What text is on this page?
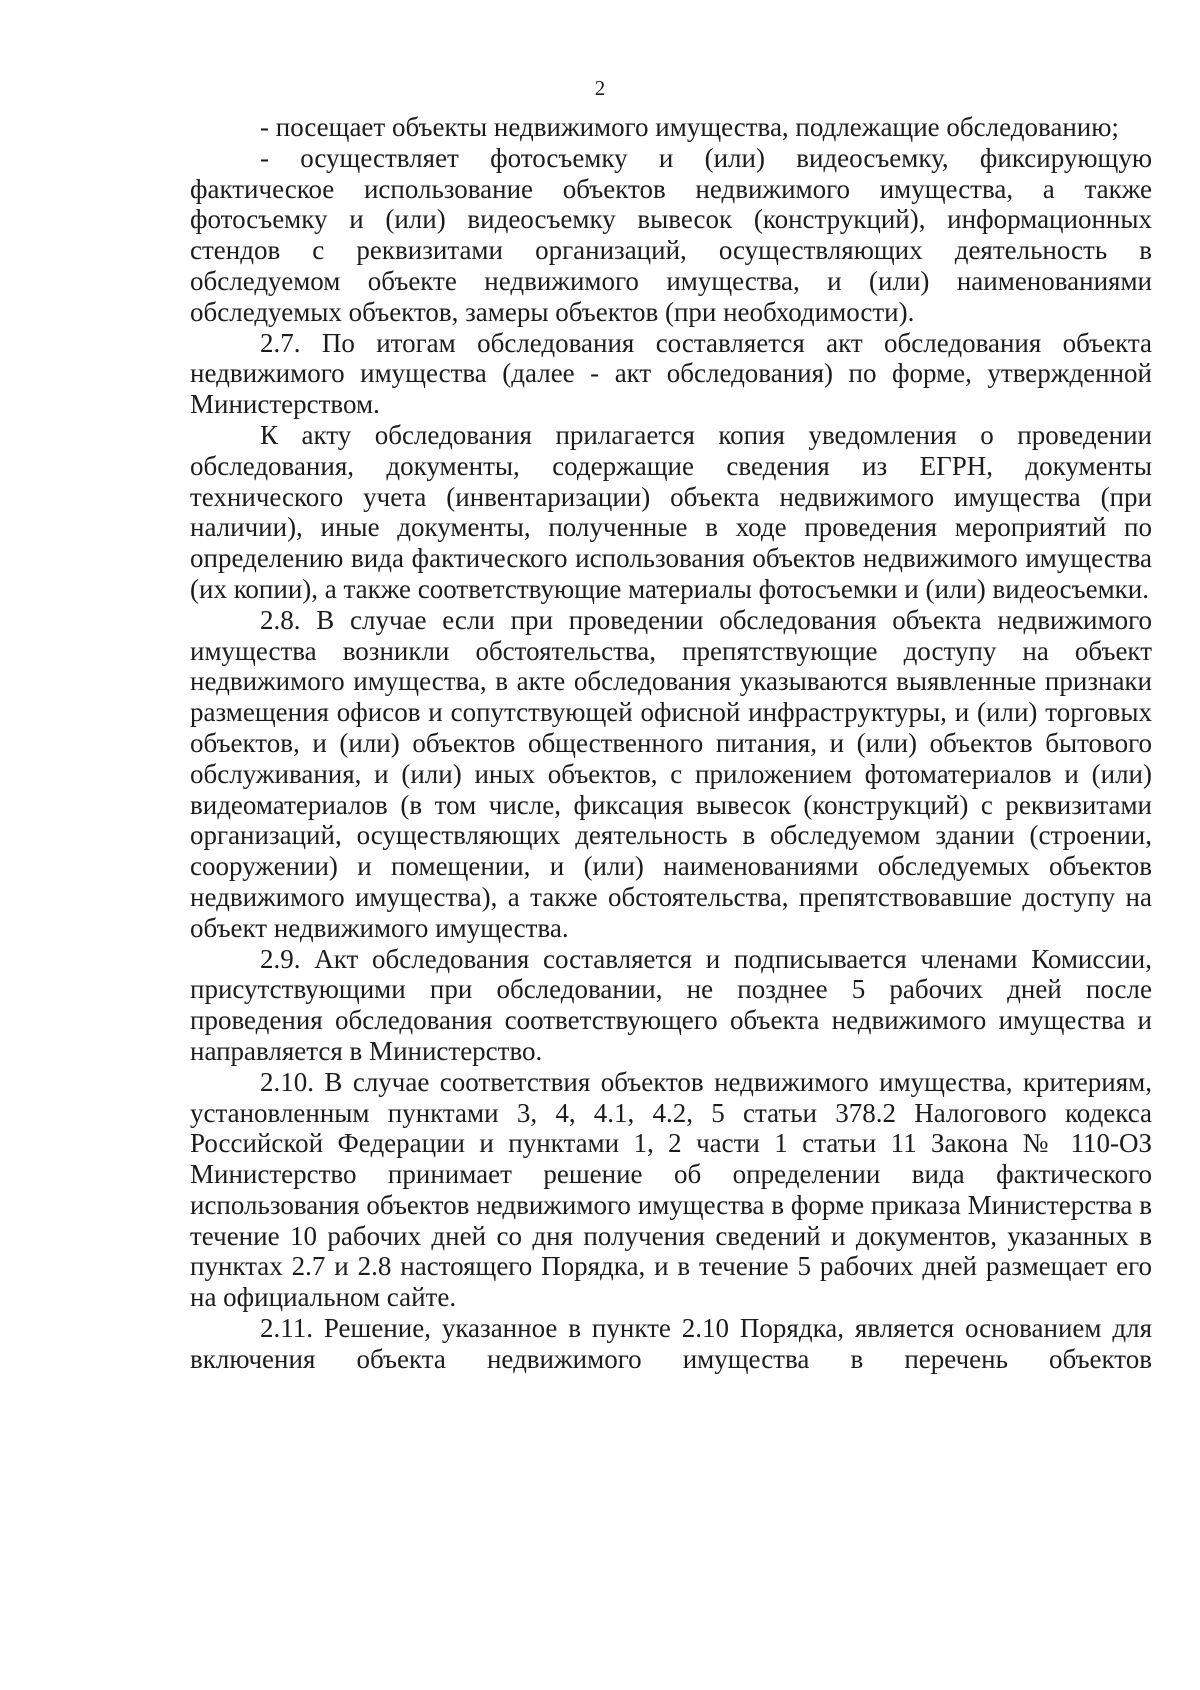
2

- посещает объекты недвижимого имущества, подлежащие обследованию;

- осуществляет фотосъемку и (или) видеосъемку, фиксирующую фактическое использование объектов недвижимого имущества, а также фотосъемку и (или) видеосъемку вывесок (конструкций), информационных стендов с реквизитами организаций, осуществляющих деятельность в обследуемом объекте недвижимого имущества, и (или) наименованиями обследуемых объектов, замеры объектов (при необходимости).

2.7. По итогам обследования составляется акт обследования объекта недвижимого имущества (далее - акт обследования) по форме, утвержденной Министерством.

К акту обследования прилагается копия уведомления о проведении обследования, документы, содержащие сведения из ЕГРН, документы технического учета (инвентаризации) объекта недвижимого имущества (при наличии), иные документы, полученные в ходе проведения мероприятий по определению вида фактического использования объектов недвижимого имущества (их копии), а также соответствующие материалы фотосъемки и (или) видеосъемки.

2.8. В случае если при проведении обследования объекта недвижимого имущества возникли обстоятельства, препятствующие доступу на объект недвижимого имущества, в акте обследования указываются выявленные признаки размещения офисов и сопутствующей офисной инфраструктуры, и (или) торговых объектов, и (или) объектов общественного питания, и (или) объектов бытового обслуживания, и (или) иных объектов, с приложением фотоматериалов и (или) видеоматериалов (в том числе, фиксация вывесок (конструкций) с реквизитами организаций, осуществляющих деятельность в обследуемом здании (строении, сооружении) и помещении, и (или) наименованиями обследуемых объектов недвижимого имущества), а также обстоятельства, препятствовавшие доступу на объект недвижимого имущества.

2.9. Акт обследования составляется и подписывается членами Комиссии, присутствующими при обследовании, не позднее 5 рабочих дней после проведения обследования соответствующего объекта недвижимого имущества и направляется в Министерство.

2.10. В случае соответствия объектов недвижимого имущества, критериям, установленным пунктами 3, 4, 4.1, 4.2, 5 статьи 378.2 Налогового кодекса Российской Федерации и пунктами 1, 2 части 1 статьи 11 Закона № 110-ОЗ Министерство принимает решение об определении вида фактического использования объектов недвижимого имущества в форме приказа Министерства в течение 10 рабочих дней со дня получения сведений и документов, указанных в пунктах 2.7 и 2.8 настоящего Порядка, и в течение 5 рабочих дней размещает его на официальном сайте.

2.11. Решение, указанное в пункте 2.10 Порядка, является основанием для включения объекта недвижимого имущества в перечень объектов
